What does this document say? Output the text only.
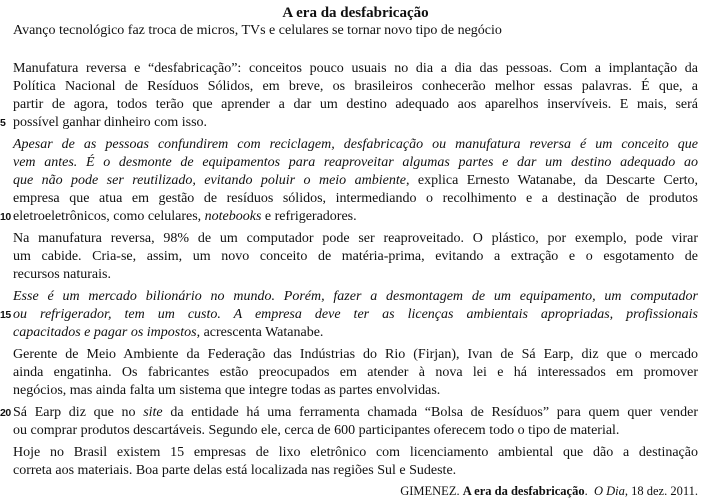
A era da desfabricação
Avanço tecnológico faz troca de micros, TVs e celulares se tornar novo tipo de negócio
Manufatura reversa e “desfabricação”: conceitos pouco usuais no dia a dia das pessoas. Com a implantação da
Política Nacional de Resíduos Sólidos, em breve, os brasileiros conhecerão melhor essas palavras. É que, a
partir de agora, todos terão que aprender a dar um destino adequado aos aparelhos inservíveis. E mais, será
5 possível ganhar dinheiro com isso.
Apesar de as pessoas confundirem com reciclagem, desfabricação ou manufatura reversa é um conceito que
vem antes. É o desmonte de equipamentos para reaproveitar algumas partes e dar um destino adequado ao
que não pode ser reutilizado, evitando poluir o meio ambiente, explica Ernesto Watanabe, da Descarte Certo,
empresa que atua em gestão de resíduos sólidos, intermediando o recolhimento e a destinação de produtos
10 eletroeletrônicos, como celulares, notebooks e refrigeradores.
Na manufatura reversa, 98% de um computador pode ser reaproveitado. O plástico, por exemplo, pode virar
um cabide. Cria-se, assim, um novo conceito de matéria-prima, evitando a extração e o esgotamento de
recursos naturais.
Esse é um mercado bilionário no mundo. Porém, fazer a desmontagem de um equipamento, um computador
15 ou refrigerador, tem um custo. A empresa deve ter as licenças ambientais apropriadas, profissionais
capacitados e pagar os impostos, acrescenta Watanabe.
Gerente de Meio Ambiente da Federação das Indústrias do Rio (Firjan), Ivan de Sá Earp, diz que o mercado
ainda engatinha. Os fabricantes estão preocupados em atender à nova lei e há interessados em promover
negócios, mas ainda falta um sistema que integre todas as partes envolvidas.
20 Sá Earp diz que no site da entidade há uma ferramenta chamada “Bolsa de Resíduos” para quem quer vender
ou comprar produtos descartáveis. Segundo ele, cerca de 600 participantes oferecem todo o tipo de material.
Hoje no Brasil existem 15 empresas de lixo eletrônico com licenciamento ambiental que dão a destinação
correta aos materiais. Boa parte delas está localizada nas regiões Sul e Sudeste.
GIMENEZ. A era da desfabricação.  O Dia, 18 dez. 2011.
